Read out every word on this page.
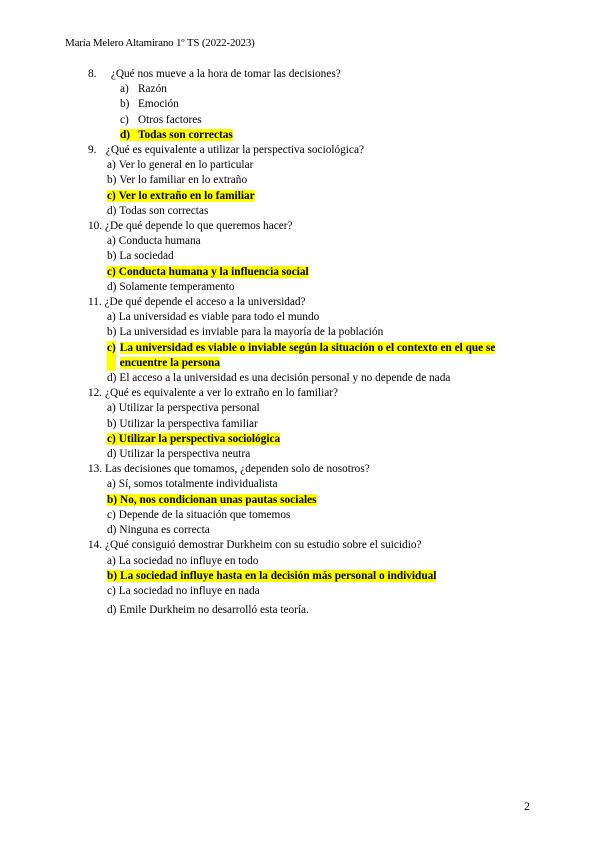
María Melero Altamirano 1º TS (2022-2023)
8. ¿Qué nos mueve a la hora de tomar las decisiones?
a) Razón
b) Emoción
c) Otros factores
d) Todas son correctas
9. ¿Qué es equivalente a utilizar la perspectiva sociológica?
a) Ver lo general en lo particular
b) Ver lo familiar en lo extraño
c) Ver lo extraño en lo familiar
d) Todas son correctas
10. ¿De qué depende lo que queremos hacer?
a) Conducta humana
b) La sociedad
c) Conducta humana y la influencia social
d) Solamente temperamento
11. ¿De qué depende el acceso a la universidad?
a) La universidad es viable para todo el mundo
b) La universidad es inviable para la mayoría de la población
c) La universidad es viable o inviable según la situación o el contexto en el que se encuentre la persona
d) El acceso a la universidad es una decisión personal y no depende de nada
12. ¿Qué es equivalente a ver lo extraño en lo familiar?
a) Utilizar la perspectiva personal
b) Utilizar la perspectiva familiar
c) Utilizar la perspectiva sociológica
d) Utilizar la perspectiva neutra
13. Las decisiones que tomamos, ¿dependen solo de nosotros?
a) Sí, somos totalmente individualista
b) No, nos condicionan unas pautas sociales
c) Depende de la situación que tomemos
d) Ninguna es correcta
14. ¿Qué consiguió demostrar Durkheim con su estudio sobre el suicidio?
a) La sociedad no influye en todo
b) La sociedad influye hasta en la decisión más personal o individual
c) La sociedad no influye en nada
d) Emile Durkheim no desarrolló esta teoría.
2
